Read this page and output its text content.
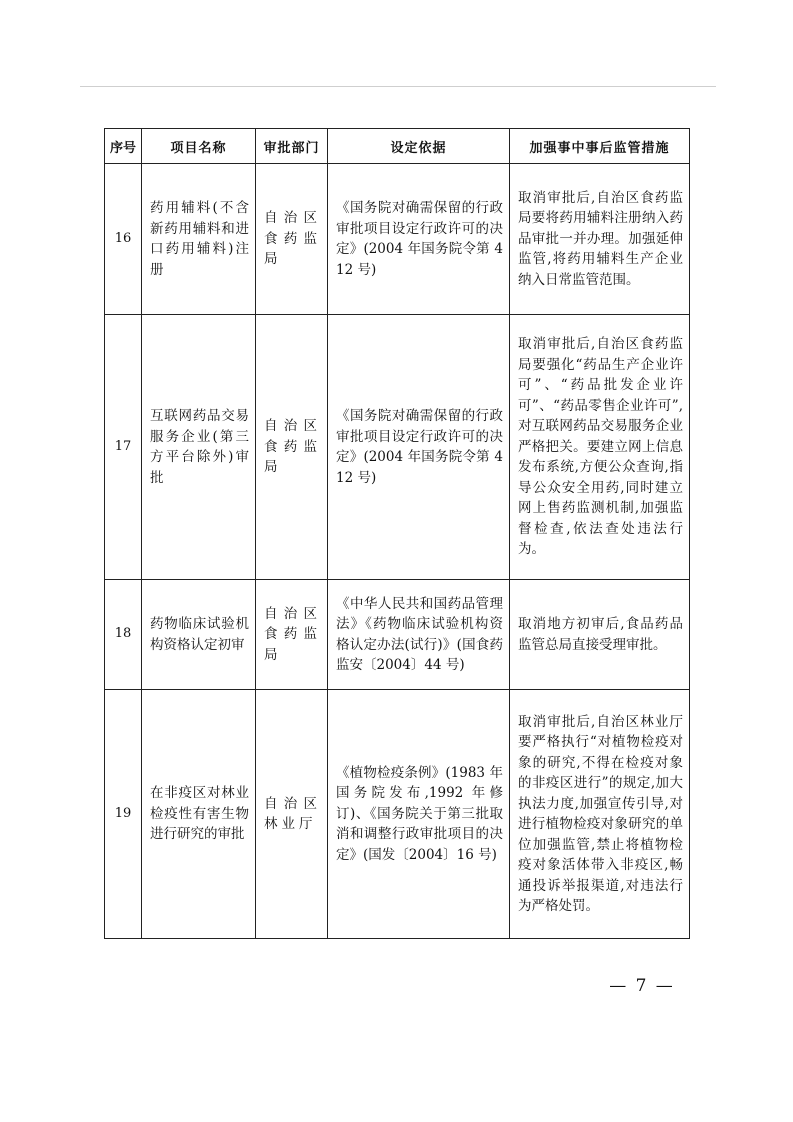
序号	项目名称	审批部门	设定依据	加强事中事后监管措施
16	药用辅料(不含新药用辅料和进口药用辅料)注册	自治区食药监局	《国务院对确需保留的行政审批项目设定行政许可的决定》(2004 年国务院令第 412 号)	取消审批后,自治区食药监局要将药用辅料注册纳入药品审批一并办理。加强延伸监管,将药用辅料生产企业纳入日常监管范围。

17	互联网药品交易服务企业(第三方平台除外)审批	自治区食药监局	《国务院对确需保留的行政审批项目设定行政许可的决定》(2004 年国务院令第 412 号)	取消审批后,自治区食药监局要强化“药品生产企业许可”、“药品批发企业许可”、“药品零售企业许可”,对互联网药品交易服务企业严格把关。要建立网上信息发布系统,方便公众查询,指导公众安全用药,同时建立网上售药监测机制,加强监督检查,依法查处违法行为。

18	药物临床试验机构资格认定初审	自治区食药监局	《中华人民共和国药品管理法》《药物临床试验机构资格认定办法(试行)》(国食药监安〔2004〕44 号)	取消地方初审后,食品药品监管总局直接受理审批。

19	在非疫区对林业检疫性有害生物进行研究的审批	自治区林业厅	《植物检疫条例》(1983 年国务院发布,1992 年修订)、《国务院关于第三批取消和调整行政审批项目的决定》(国发〔2004〕16 号)	取消审批后,自治区林业厅要严格执行“对植物检疫对象的研究,不得在检疫对象的非疫区进行”的规定,加大执法力度,加强宣传引导,对进行植物检疫对象研究的单位加强监管,禁止将植物检疫对象活体带入非疫区,畅通投诉举报渠道,对违法行为严格处罚。
— 7 —
